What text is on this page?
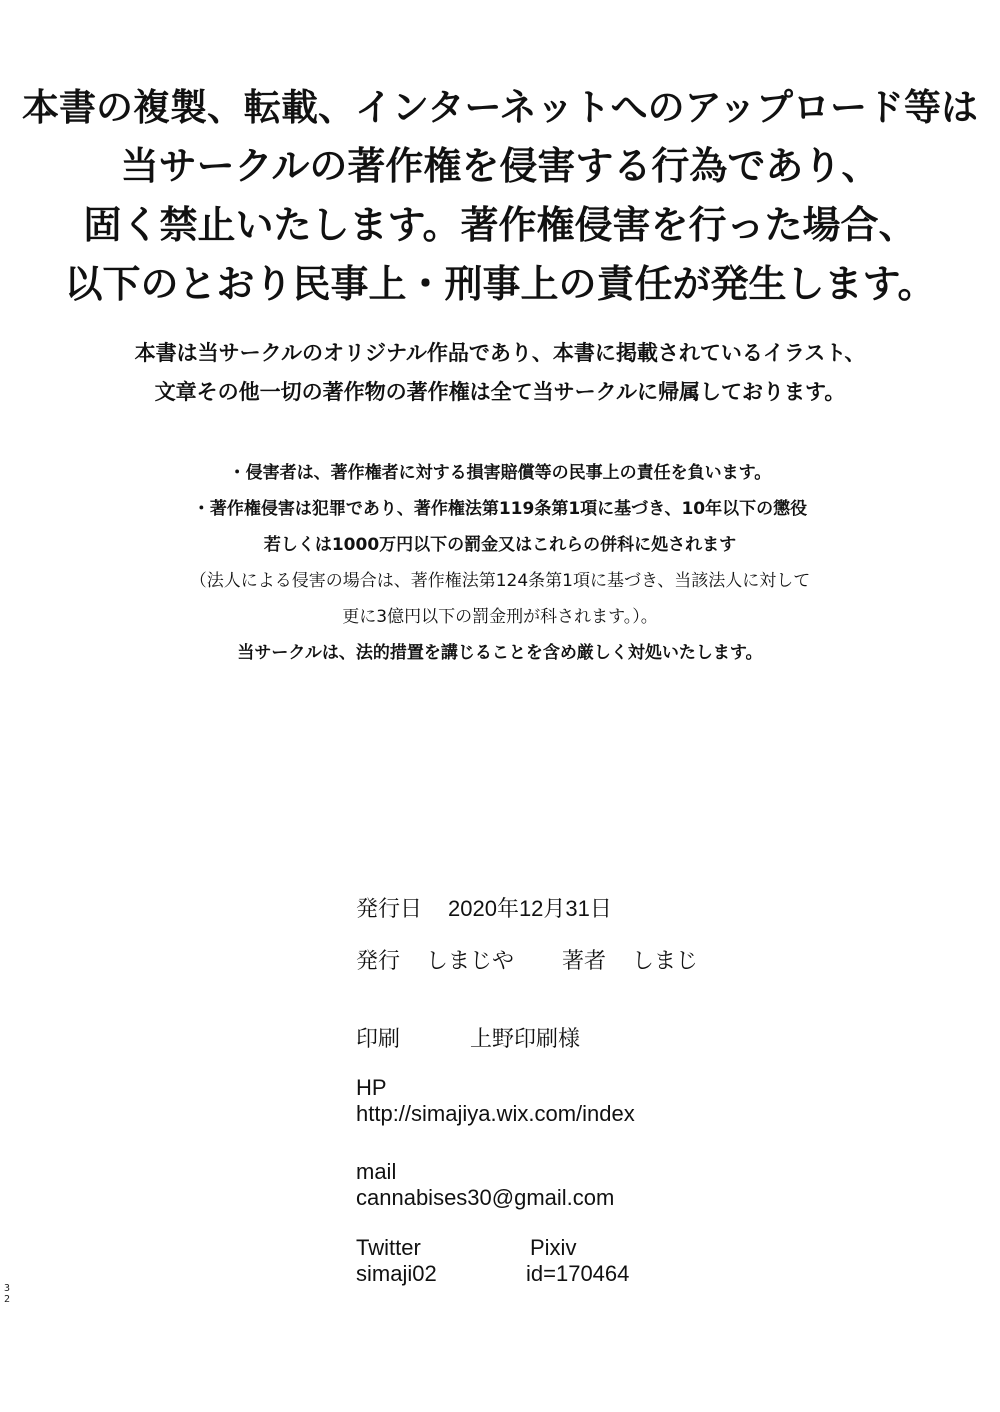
本書の複製、転載、インターネットへのアップロード等は
当サークルの著作権を侵害する行為であり、
固く禁止いたします。著作権侵害を行った場合、
以下のとおり民事上・刑事上の責任が発生します。
本書は当サークルのオリジナル作品であり、本書に掲載されているイラスト、
文章その他一切の著作物の著作権は全て当サークルに帰属しております。
・侵害者は、著作権者に対する損害賠償等の民事上の責任を負います。
・著作権侵害は犯罪であり、著作権法第119条第1項に基づき、10年以下の懲役
若しくは1000万円以下の罰金又はこれらの併科に処されます
（法人による侵害の場合は、著作権法第124条第1項に基づき、当該法人に対して
更に3億円以下の罰金刑が科されます。）。
当サークルは、法的措置を講じることを含め厳しく対処いたします。
発行日 2020年12月31日
発行 しまじや 著者 しまじ
印刷	上野印刷様
HP
http://simajiya.wix.com/index
mail
cannabises30@gmail.com
Twitter	Pixiv
simaji02	id=170464
3
2
